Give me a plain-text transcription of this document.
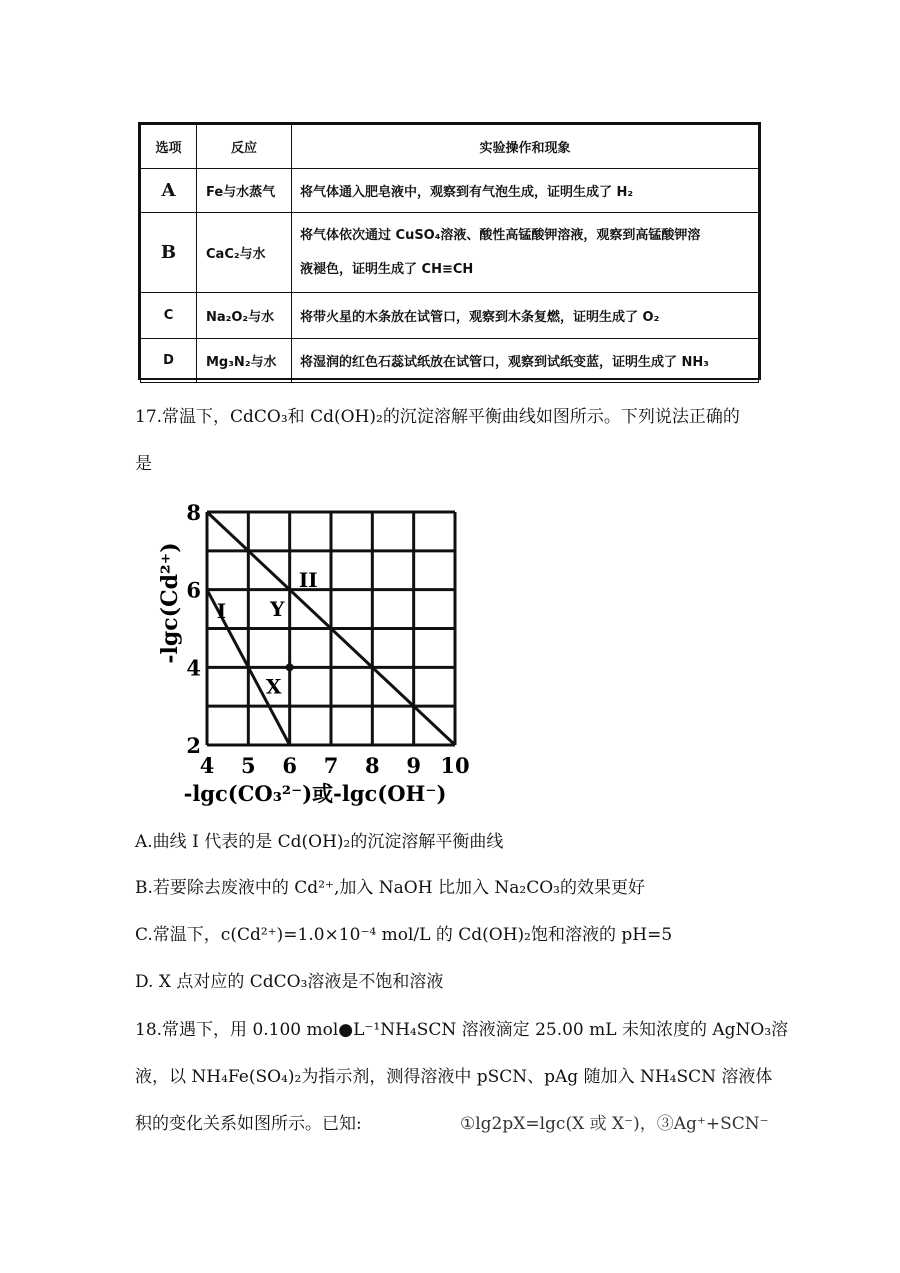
选项	反应	实验操作和现象
A	Fe与水蒸气	将气体通入肥皂液中，观察到有气泡生成，证明生成了 H₂
B	CaC₂与水	将气体依次通过 CuSO₄溶液、酸性高锰酸钾溶液，观察到高锰酸钾溶
液褪色，证明生成了 CH≡CH

C	Na₂O₂与水	将带火星的木条放在试管口，观察到木条复燃，证明生成了 O₂
D	Mg₃N₂与水	将湿润的红色石蕊试纸放在试管口，观察到试纸变蓝，证明生成了 NH₃
17.常温下，CdCO₃和 Cd(OH)₂的沉淀溶解平衡曲线如图所示。下列说法正确的
是
I
II
X
Y
4 5 6 7 8 9 10
2
4
6
8
-lgc(Cd²⁺)
-lgc(CO₃²⁻)或-lgc(OH⁻)
A.曲线 I 代表的是 Cd(OH)₂的沉淀溶解平衡曲线
B.若要除去废液中的 Cd²⁺,加入 NaOH 比加入 Na₂CO₃的效果更好
C.常温下，c(Cd²⁺)=1.0×10⁻⁴ mol/L 的 Cd(OH)₂饱和溶液的 pH=5
D. X 点对应的 CdCO₃溶液是不饱和溶液
18.常遇下，用 0.100 mol●L⁻¹NH₄SCN 溶液滴定 25.00 mL 未知浓度的 AgNO₃溶
液，以 NH₄Fe(SO₄)₂为指示剂，测得溶液中 pSCN、pAg 随加入 NH₄SCN 溶液体
积的变化关系如图所示。已知:	①lg2pX=lgc(X 或 X⁻)，③Ag⁺+SCN⁻
